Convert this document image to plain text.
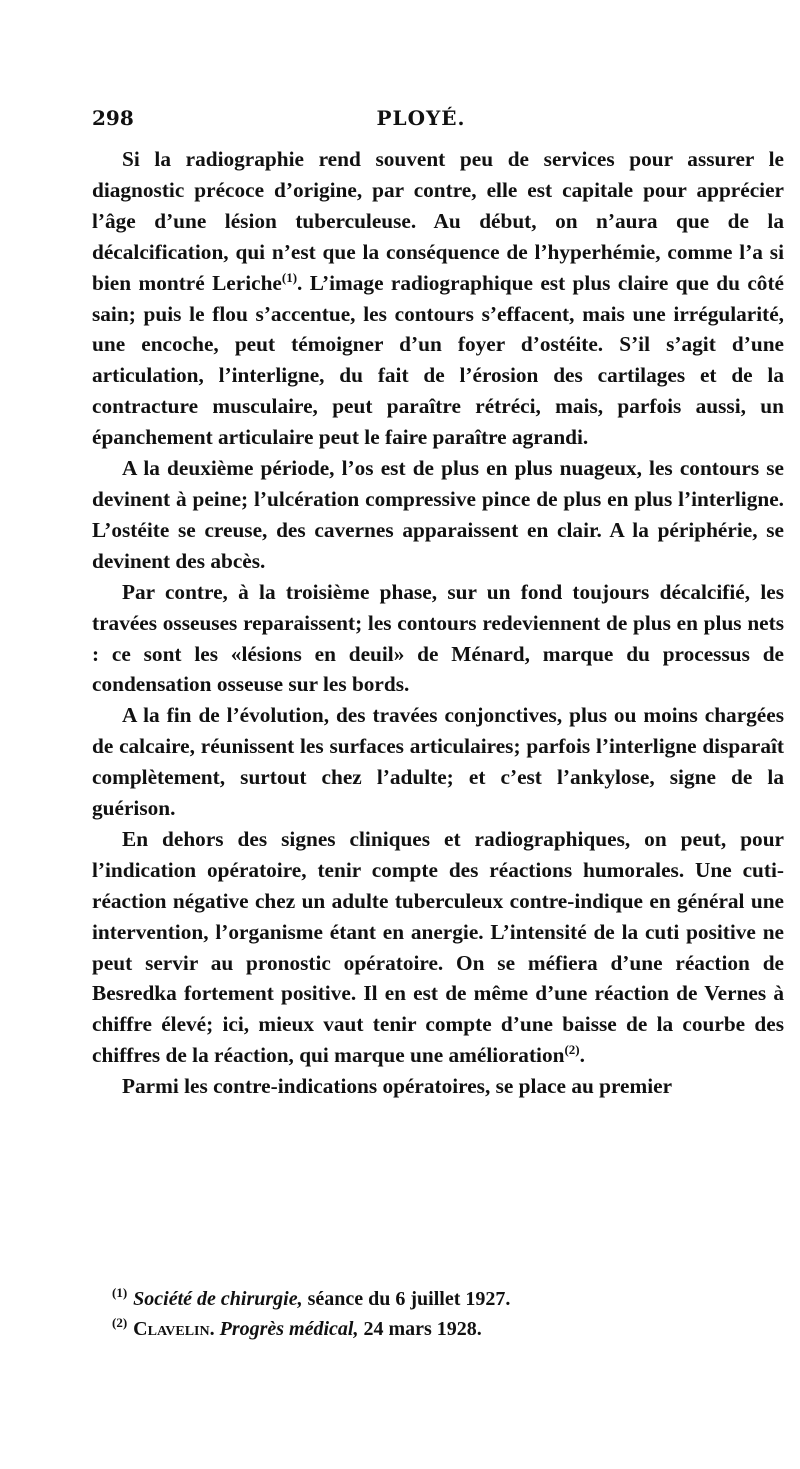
298	PLOYÉ.

Si la radiographie rend souvent peu de services pour assurer le diagnostic précoce d’origine, par contre, elle est capitale pour apprécier l’âge d’une lésion tuberculeuse. Au début, on n’aura que de la décalcification, qui n’est que la conséquence de l’hyperhémie, comme l’a si bien montré Leriche$^{(1)}$. L’image radiographique est plus claire que du côté sain; puis le flou s’accentue, les contours s’effacent, mais une irrégularité, une encoche, peut témoigner d’un foyer d’ostéite. S’il s’agit d’une articulation, l’interligne, du fait de l’érosion des cartilages et de la contracture musculaire, peut paraître rétréci, mais, parfois aussi, un épanchement articulaire peut le faire paraître agrandi.

A la deuxième période, l’os est de plus en plus nuageux, les contours se devinent à peine; l’ulcération compressive pince de plus en plus l’interligne. L’ostéite se creuse, des cavernes apparaissent en clair. A la périphérie, se devinent des abcès.

Par contre, à la troisième phase, sur un fond toujours décalcifié, les travées osseuses reparaissent; les contours redeviennent de plus en plus nets : ce sont les «lésions en deuil» de Ménard, marque du processus de condensation osseuse sur les bords.

A la fin de l’évolution, des travées conjonctives, plus ou moins chargées de calcaire, réunissent les surfaces articulaires; parfois l’interligne disparaît complètement, surtout chez l’adulte; et c’est l’ankylose, signe de la guérison.

En dehors des signes cliniques et radiographiques, on peut, pour l’indication opératoire, tenir compte des réactions humorales. Une cuti-réaction négative chez un adulte tuberculeux contre-indique en général une intervention, l’organisme étant en anergie. L’intensité de la cuti positive ne peut servir au pronostic opératoire. On se méfiera d’une réaction de Besredka fortement positive. Il en est de même d’une réaction de Vernes à chiffre élevé; ici, mieux vaut tenir compte d’une baisse de la courbe des chiffres de la réaction, qui marque une amélioration$^{(2)}$.

Parmi les contre-indications opératoires, se place au premier

$^{(1)}$ Société de chirurgie, séance du 6 juillet 1927.

$^{(2)}$ Clavelin. Progrès médical, 24 mars 1928.
